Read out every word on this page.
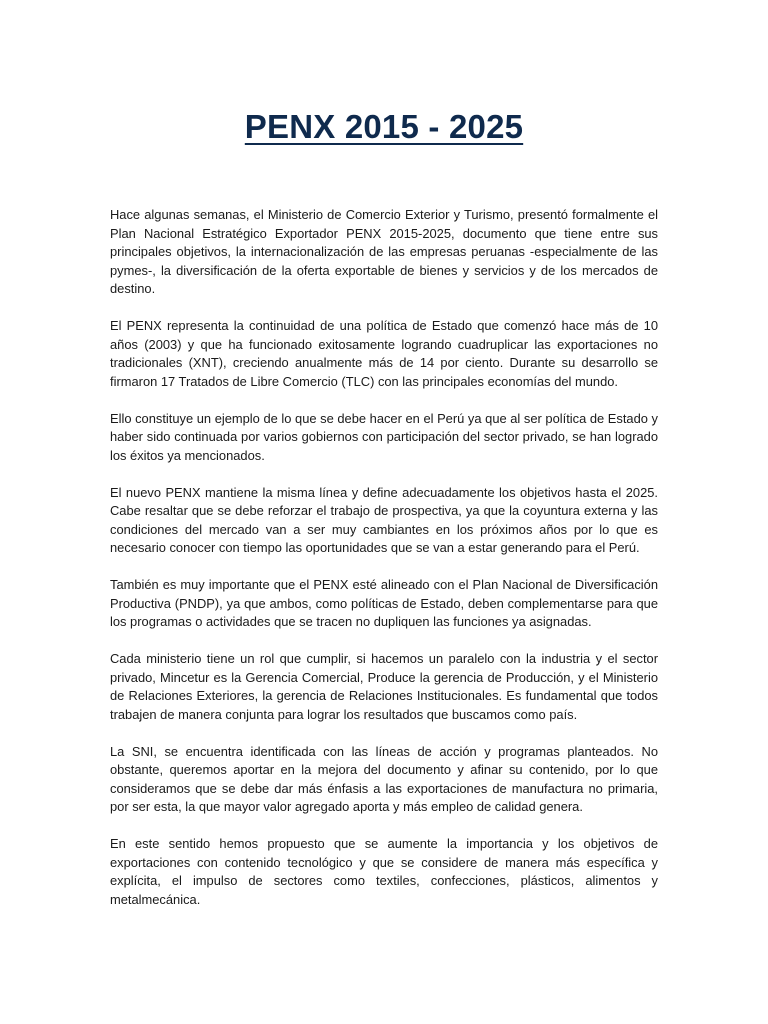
PENX 2015 - 2025

Hace algunas semanas, el Ministerio de Comercio Exterior y Turismo, presentó formalmente el Plan Nacional Estratégico Exportador PENX 2015-2025, documento que tiene entre sus principales objetivos, la internacionalización de las empresas peruanas -especialmente de las pymes-, la diversificación de la oferta exportable de bienes y servicios y de los mercados de destino.

El PENX representa la continuidad de una política de Estado que comenzó hace más de 10 años (2003) y que ha funcionado exitosamente logrando cuadruplicar las exportaciones no tradicionales (XNT), creciendo anualmente más de 14 por ciento. Durante su desarrollo se firmaron 17 Tratados de Libre Comercio (TLC) con las principales economías del mundo.

Ello constituye un ejemplo de lo que se debe hacer en el Perú ya que al ser política de Estado y haber sido continuada por varios gobiernos con participación del sector privado, se han logrado los éxitos ya mencionados.

El nuevo PENX mantiene la misma línea y define adecuadamente los objetivos hasta el 2025. Cabe resaltar que se debe reforzar el trabajo de prospectiva, ya que la coyuntura externa y las condiciones del mercado van a ser muy cambiantes en los próximos años por lo que es necesario conocer con tiempo las oportunidades que se van a estar generando para el Perú.

También es muy importante que el PENX esté alineado con el Plan Nacional de Diversificación Productiva (PNDP), ya que ambos, como políticas de Estado, deben complementarse para que los programas o actividades que se tracen no dupliquen las funciones ya asignadas.

Cada ministerio tiene un rol que cumplir, si hacemos un paralelo con la industria y el sector privado, Mincetur es la Gerencia Comercial, Produce la gerencia de Producción, y el Ministerio de Relaciones Exteriores, la gerencia de Relaciones Institucionales. Es fundamental que todos trabajen de manera conjunta para lograr los resultados que buscamos como país.

La SNI, se encuentra identificada con las líneas de acción y programas planteados. No obstante, queremos aportar en la mejora del documento y afinar su contenido, por lo que consideramos que se debe dar más énfasis a las exportaciones de manufactura no primaria, por ser esta, la que mayor valor agregado aporta y más empleo de calidad genera.

En este sentido hemos propuesto que se aumente la importancia y los objetivos de exportaciones con contenido tecnológico y que se considere de manera más específica y explícita, el impulso de sectores como textiles, confecciones, plásticos, alimentos y metalmecánica.
